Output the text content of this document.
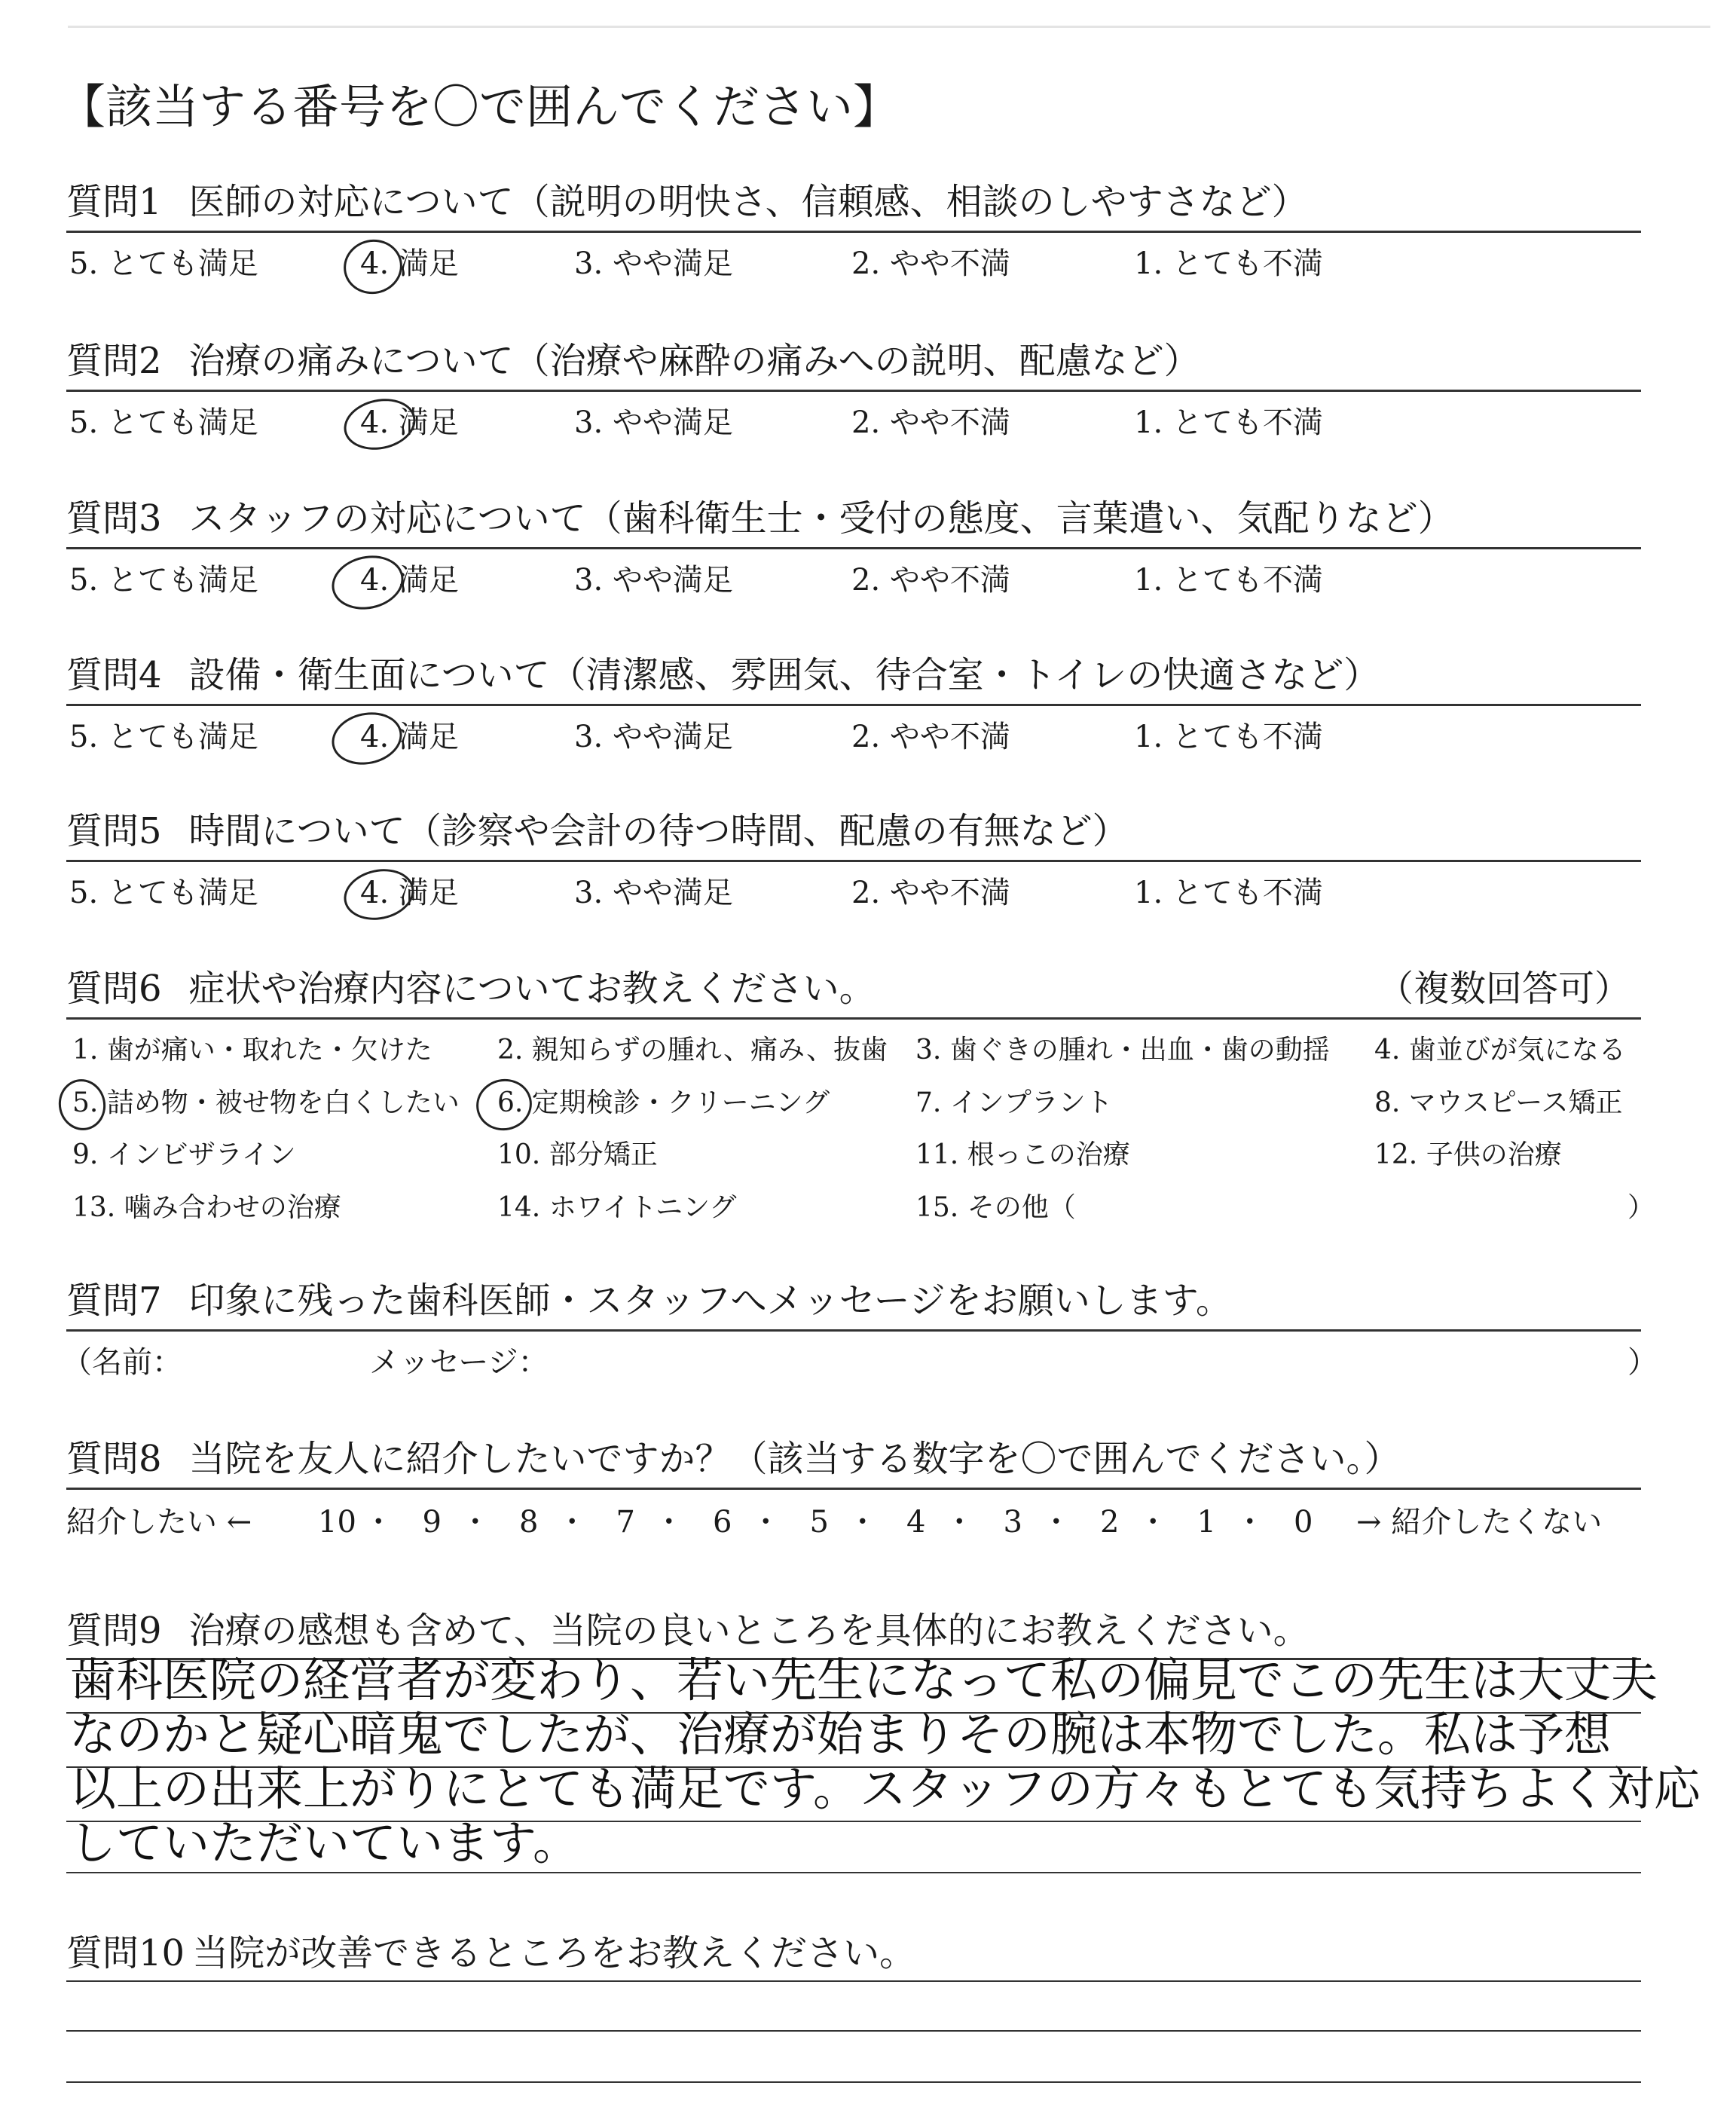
【該当する番号を〇で囲んでください】
質問1 医師の対応について（説明の明快さ、信頼感、相談のしやすさなど）
5. とても満足	4. 満足	3. やや満足	2. やや不満	1. とても不満
質問2 治療の痛みについて（治療や麻酔の痛みへの説明、配慮など）
5. とても満足	4. 満足	3. やや満足	2. やや不満	1. とても不満
質問3 スタッフの対応について（歯科衛生士・受付の態度、言葉遣い、気配りなど）
5. とても満足	4. 満足	3. やや満足	2. やや不満	1. とても不満
質問4 設備・衛生面について（清潔感、雰囲気、待合室・トイレの快適さなど）
5. とても満足	4. 満足	3. やや満足	2. やや不満	1. とても不満
質問5 時間について（診察や会計の待つ時間、配慮の有無など）
5. とても満足	4. 満足	3. やや満足	2. やや不満	1. とても不満
質問6 症状や治療内容についてお教えください。	（複数回答可）
1. 歯が痛い・取れた・欠けた 2. 親知らずの腫れ、痛み、抜歯 3. 歯ぐきの腫れ・出血・歯の動揺 4. 歯並びが気になる
5. 詰め物・被せ物を白くしたい 6. 定期検診・クリーニング	7. インプラント	8. マウスピース矯正
9. インビザライン	10. 部分矯正	11. 根っこの治療	12. 子供の治療
13. 噛み合わせの治療	14. ホワイトニング	15. その他（	）
質問7 印象に残った歯科医師・スタッフへメッセージをお願いします。
（名前：	メッセージ：	）
質問8 当院を友人に紹介したいですか？（該当する数字を〇で囲んでください。）
紹介したい ←	→ 紹介したくない
10 ・ 9 ・ 8 ・ 7 ・ 6 ・ 5 ・ 4 ・ 3 ・ 2 ・ 1 ・ 0
質問9 治療の感想も含めて、当院の良いところを具体的にお教えください。
歯科医院の経営者が変わり、若い先生になって私の偏見でこの先生は大丈夫
なのかと疑心暗鬼でしたが、治療が始まりその腕は本物でした。私は予想
以上の出来上がりにとても満足です。スタッフの方々もとても気持ちよく対応
していただいています。
質問10 当院が改善できるところをお教えください。
